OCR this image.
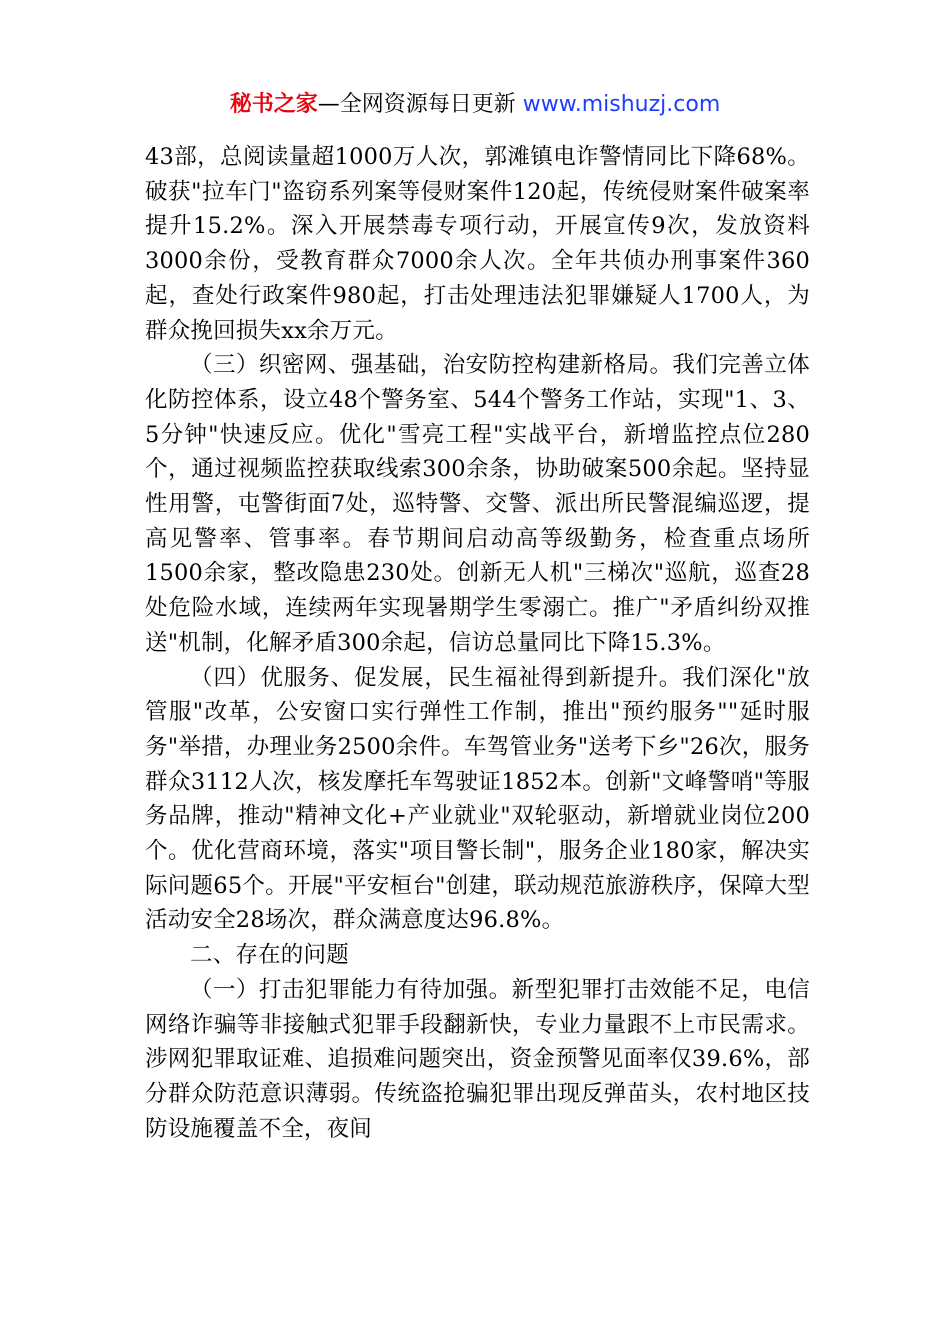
秘书之家—全网资源每日更新 www.mishuzj.com

43部，总阅读量超1000万人次，郭滩镇电诈警情同比下降68%。破获"拉车门"盗窃系列案等侵财案件120起，传统侵财案件破案率提升15.2%。深入开展禁毒专项行动，开展宣传9次，发放资料3000余份，受教育群众7000余人次。全年共侦办刑事案件360起，查处行政案件980起，打击处理违法犯罪嫌疑人1700人，为群众挽回损失xx余万元。

（三）织密网、强基础，治安防控构建新格局。我们完善立体化防控体系，设立48个警务室、544个警务工作站，实现"1、3、5分钟"快速反应。优化"雪亮工程"实战平台，新增监控点位280个，通过视频监控获取线索300余条，协助破案500余起。坚持显性用警，屯警街面7处，巡特警、交警、派出所民警混编巡逻，提高见警率、管事率。春节期间启动高等级勤务，检查重点场所1500余家，整改隐患230处。创新无人机"三梯次"巡航，巡查28处危险水域，连续两年实现暑期学生零溺亡。推广"矛盾纠纷双推送"机制，化解矛盾300余起，信访总量同比下降15.3%。

（四）优服务、促发展，民生福祉得到新提升。我们深化"放管服"改革，公安窗口实行弹性工作制，推出"预约服务""延时服务"举措，办理业务2500余件。车驾管业务"送考下乡"26次，服务群众3112人次，核发摩托车驾驶证1852本。创新"文峰警哨"等服务品牌，推动"精神文化+产业就业"双轮驱动，新增就业岗位200个。优化营商环境，落实"项目警长制"，服务企业180家，解决实际问题65个。开展"平安桓台"创建，联动规范旅游秩序，保障大型活动安全28场次，群众满意度达96.8%。

二、存在的问题

（一）打击犯罪能力有待加强。新型犯罪打击效能不足，电信网络诈骗等非接触式犯罪手段翻新快，专业力量跟不上市民需求。涉网犯罪取证难、追损难问题突出，资金预警见面率仅39.6%，部分群众防范意识薄弱。传统盗抢骗犯罪出现反弹苗头，农村地区技防设施覆盖不全，夜间
